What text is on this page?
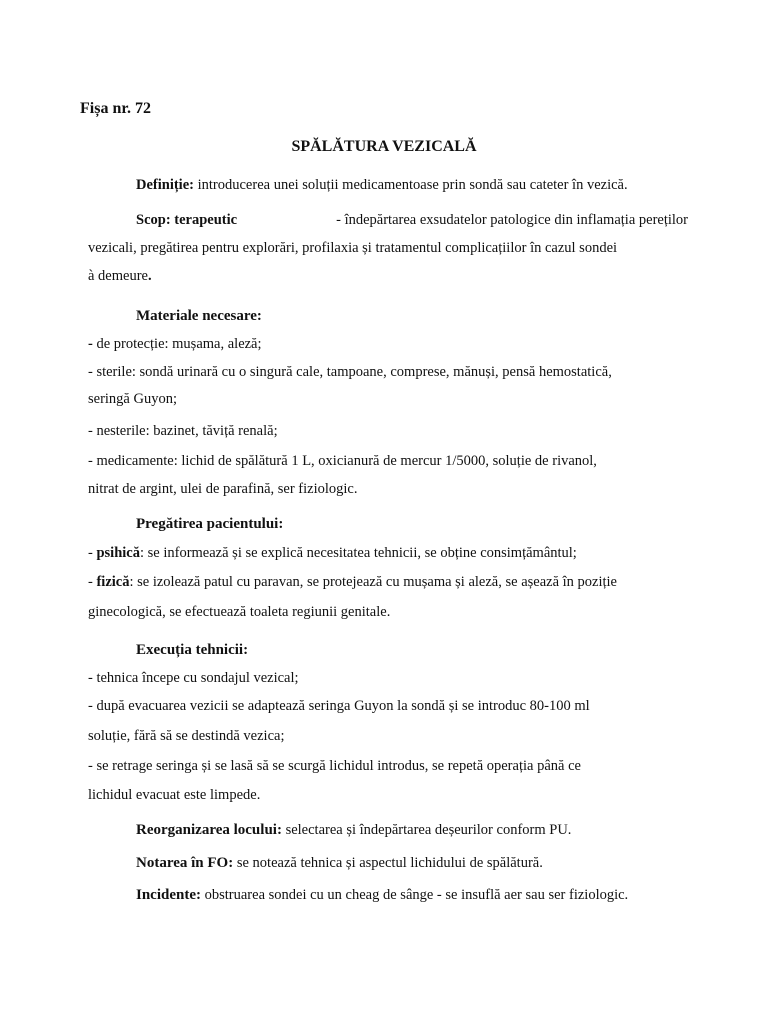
Fișa nr. 72
SPĂLĂTURA VEZICALĂ
Definiție: introducerea unei soluții medicamentoase prin sondă sau cateter în vezică.
Scop: terapeutic	- îndepărtarea exsudatelor patologice din inflamația pereților
vezicali, pregătirea pentru explorări, profilaxia și tratamentul complicațiilor în cazul sondei
à demeure.
Materiale necesare:
- de protecție: mușama, aleză;
- sterile: sondă urinară cu o singură cale, tampoane, comprese, mănuși, pensă hemostatică,
seringă Guyon;
- nesterile: bazinet, tăviță renală;
- medicamente: lichid de spălătură 1 L, oxicianură de mercur 1/5000, soluție de rivanol,
nitrat de argint, ulei de parafină, ser fiziologic.
Pregătirea pacientului:
- psihică: se informează și se explică necesitatea tehnicii, se obține consimțământul;
- fizică: se izolează patul cu paravan, se protejează cu mușama și aleză, se așează în poziție
ginecologică, se efectuează toaleta regiunii genitale.
Execuția tehnicii:
- tehnica începe cu sondajul vezical;
- după evacuarea vezicii se adaptează seringa Guyon la sondă și se introduc 80-100 ml
soluție, fără să se destindă vezica;
- se retrage seringa și se lasă să se scurgă lichidul introdus, se repetă operația până ce
lichidul evacuat este limpede.
Reorganizarea locului: selectarea și îndepărtarea deșeurilor conform PU.
Notarea în FO: se notează tehnica și aspectul lichidului de spălătură.
Incidente: obstruarea sondei cu un cheag de sânge - se insuflă aer sau ser fiziologic.
